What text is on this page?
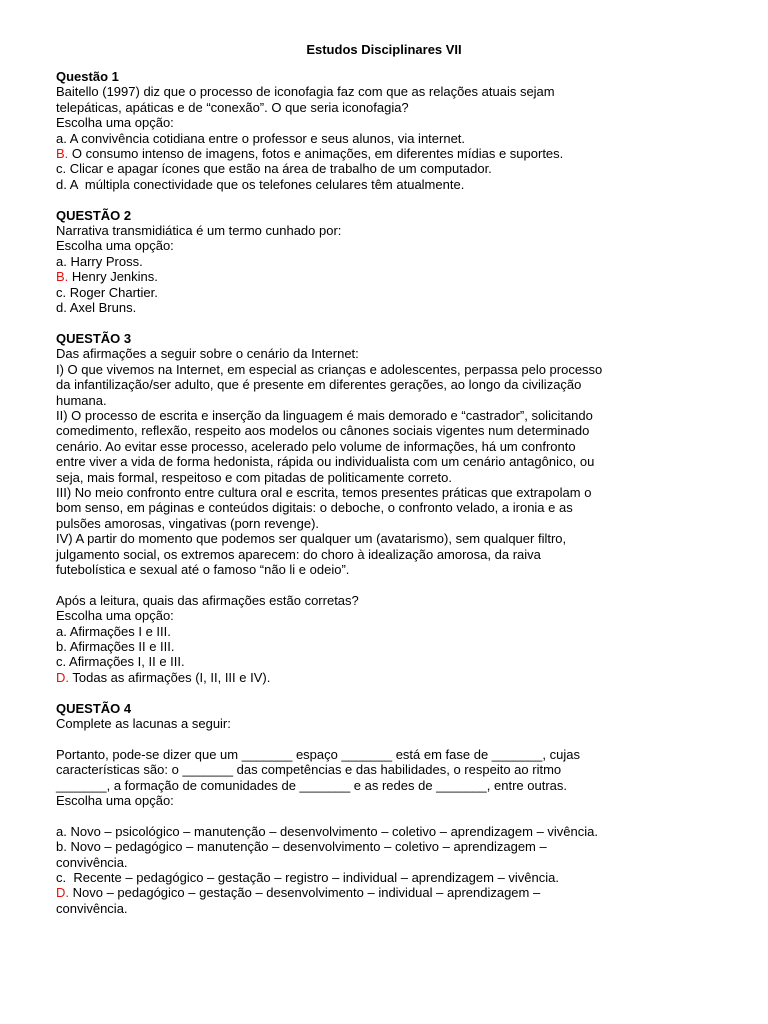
Estudos Disciplinares VII
Questão 1
Baitello (1997) diz que o processo de iconofagia faz com que as relações atuais sejam
telepáticas, apáticas e de “conexão”. O que seria iconofagia?
Escolha uma opção:
a. A convivência cotidiana entre o professor e seus alunos, via internet.
B. O consumo intenso de imagens, fotos e animações, em diferentes mídias e suportes.
c. Clicar e apagar ícones que estão na área de trabalho de um computador.
d. A  múltipla conectividade que os telefones celulares têm atualmente.
QUESTÃO 2
Narrativa transmidiática é um termo cunhado por:
Escolha uma opção:
a. Harry Pross.
B. Henry Jenkins.
c. Roger Chartier.
d. Axel Bruns.
QUESTÃO 3
Das afirmações a seguir sobre o cenário da Internet:
I) O que vivemos na Internet, em especial as crianças e adolescentes, perpassa pelo processo
da infantilização/ser adulto, que é presente em diferentes gerações, ao longo da civilização
humana.
II) O processo de escrita e inserção da linguagem é mais demorado e “castrador”, solicitando
comedimento, reflexão, respeito aos modelos ou cânones sociais vigentes num determinado
cenário. Ao evitar esse processo, acelerado pelo volume de informações, há um confronto
entre viver a vida de forma hedonista, rápida ou individualista com um cenário antagônico, ou
seja, mais formal, respeitoso e com pitadas de politicamente correto.
III) No meio confronto entre cultura oral e escrita, temos presentes práticas que extrapolam o
bom senso, em páginas e conteúdos digitais: o deboche, o confronto velado, a ironia e as
pulsões amorosas, vingativas (porn revenge).
IV) A partir do momento que podemos ser qualquer um (avatarismo), sem qualquer filtro,
julgamento social, os extremos aparecem: do choro à idealização amorosa, da raiva
futebolística e sexual até o famoso “não li e odeio”.
Após a leitura, quais das afirmações estão corretas?
Escolha uma opção:
a. Afirmações I e III.
b. Afirmações II e III.
c. Afirmações I, II e III.
D. Todas as afirmações (I, II, III e IV).
QUESTÃO 4
Complete as lacunas a seguir:
Portanto, pode-se dizer que um _______ espaço _______ está em fase de _______, cujas
características são: o _______ das competências e das habilidades, o respeito ao ritmo
_______, a formação de comunidades de _______ e as redes de _______, entre outras.
Escolha uma opção:
a. Novo – psicológico – manutenção – desenvolvimento – coletivo – aprendizagem – vivência.
b. Novo – pedagógico – manutenção – desenvolvimento – coletivo – aprendizagem –
convivência.
c.  Recente – pedagógico – gestação – registro – individual – aprendizagem – vivência.
D. Novo – pedagógico – gestação – desenvolvimento – individual – aprendizagem –
convivência.
